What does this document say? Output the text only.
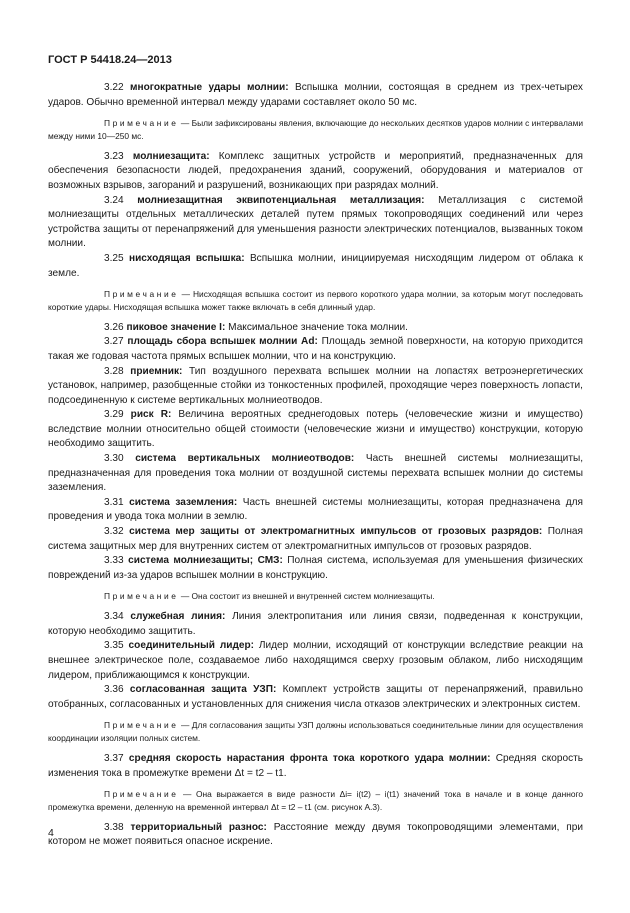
ГОСТ Р 54418.24—2013

3.22 многократные удары молнии: Вспышка молнии, состоящая в среднем из трех-четырех ударов. Обычно временной интервал между ударами составляет около 50 мс.

Примечание — Были зафиксированы явления, включающие до нескольких десятков ударов молнии с интервалами между ними 10—250 мс.

3.23 молниезащита: Комплекс защитных устройств и мероприятий, предназначенных для обеспечения безопасности людей, предохранения зданий, сооружений, оборудования и материалов от возможных взрывов, загораний и разрушений, возникающих при разрядах молний.

3.24 молниезащитная эквипотенциальная металлизация: Металлизация с системой молниезащиты отдельных металлических деталей путем прямых токопроводящих соединений или через устройства защиты от перенапряжений для уменьшения разности электрических потенциалов, вызванных током молнии.

3.25 нисходящая вспышка: Вспышка молнии, инициируемая нисходящим лидером от облака к земле.

Примечание — Нисходящая вспышка состоит из первого короткого удара молнии, за которым могут последовать короткие удары. Нисходящая вспышка может также включать в себя длинный удар.

3.26 пиковое значение I: Максимальное значение тока молнии.

3.27 площадь сбора вспышек молнии Ad: Площадь земной поверхности, на которую приходится такая же годовая частота прямых вспышек молнии, что и на конструкцию.

3.28 приемник: Тип воздушного перехвата вспышек молнии на лопастях ветроэнергетических установок, например, разобщенные стойки из тонкостенных профилей, проходящие через поверхность лопасти, подсоединенную к системе вертикальных молниеотводов.

3.29 риск R: Величина вероятных среднегодовых потерь (человеческие жизни и имущество) вследствие молнии относительно общей стоимости (человеческие жизни и имущество) конструкции, которую необходимо защитить.

3.30 система вертикальных молниеотводов: Часть внешней системы молниезащиты, предназначенная для проведения тока молнии от воздушной системы перехвата вспышек молнии до системы заземления.

3.31 система заземления: Часть внешней системы молниезащиты, которая предназначена для проведения и увода тока молнии в землю.

3.32 система мер защиты от электромагнитных импульсов от грозовых разрядов: Полная система защитных мер для внутренних систем от электромагнитных импульсов от грозовых разрядов.

3.33 система молниезащиты; СМЗ: Полная система, используемая для уменьшения физических повреждений из-за ударов вспышек молнии в конструкцию.

Примечание — Она состоит из внешней и внутренней систем молниезащиты.

3.34 служебная линия: Линия электропитания или линия связи, подведенная к конструкции, которую необходимо защитить.

3.35 соединительный лидер: Лидер молнии, исходящий от конструкции вследствие реакции на внешнее электрическое поле, создаваемое либо находящимся сверху грозовым облаком, либо нисходящим лидером, приближающимся к конструкции.

3.36 согласованная защита УЗП: Комплект устройств защиты от перенапряжений, правильно отобранных, согласованных и установленных для снижения числа отказов электрических и электронных систем.

Примечание — Для согласования защиты УЗП должны использоваться соединительные линии для осуществления координации изоляции полных систем.

3.37 средняя скорость нарастания фронта тока короткого удара молнии: Средняя скорость изменения тока в промежутке времени Δt = t2 – t1.

Примечание — Она выражается в виде разности Δi= i(t2) – i(t1) значений тока в начале и в конце данного промежутка времени, деленную на временной интервал Δt = t2 – t1 (см. рисунок А.3).

3.38 территориальный разнос: Расстояние между двумя токопроводящими элементами, при котором не может появиться опасное искрение.

4
